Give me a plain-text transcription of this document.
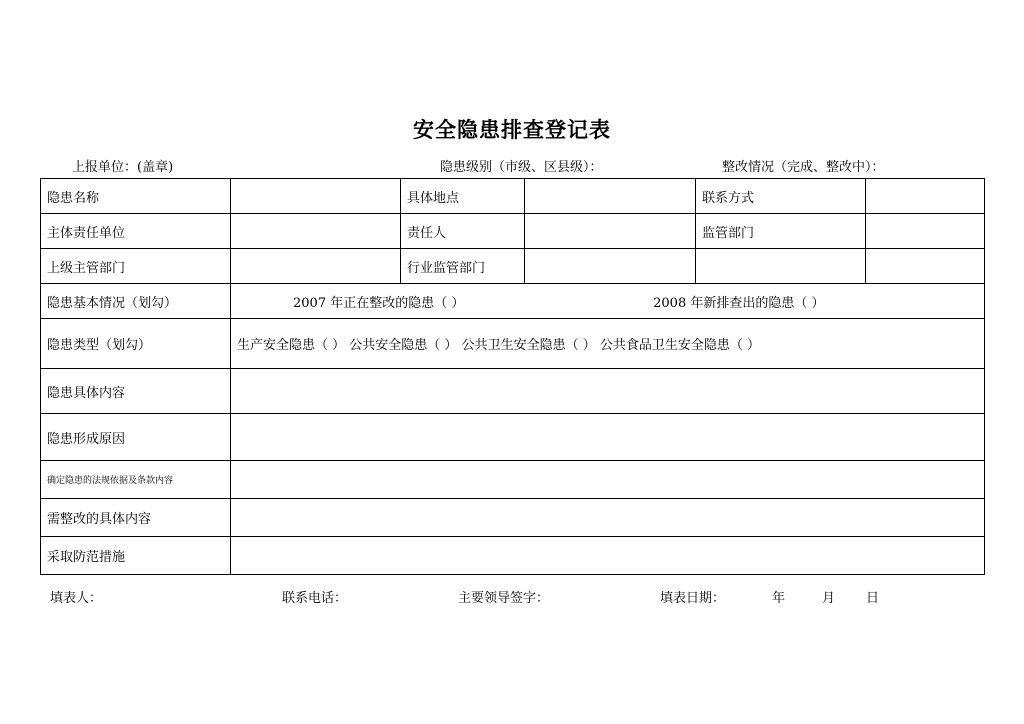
安全隐患排查登记表
上报单位：(盖章)	隐患级别（市级、区县级）：	整改情况（完成、整改中）：
隐患名称		具体地点		联系方式	
主体责任单位		责任人		监管部门	
上级主管部门		行业监管部门			
隐患基本情况（划勾）	2007 年正在整改的隐患（ ） 2008 年新排查出的隐患（ ）				
隐患类型（划勾）	生产安全隐患（ ） 公共安全隐患（ ） 公共卫生安全隐患（ ） 公共食品卫生安全隐患（ ）				
隐患具体内容					
隐患形成原因					
确定隐患的法规依据及条款内容					
需整改的具体内容					
采取防范措施					
填表人：	联系电话：	主要领导签字：	填表日期：	年	月 日
